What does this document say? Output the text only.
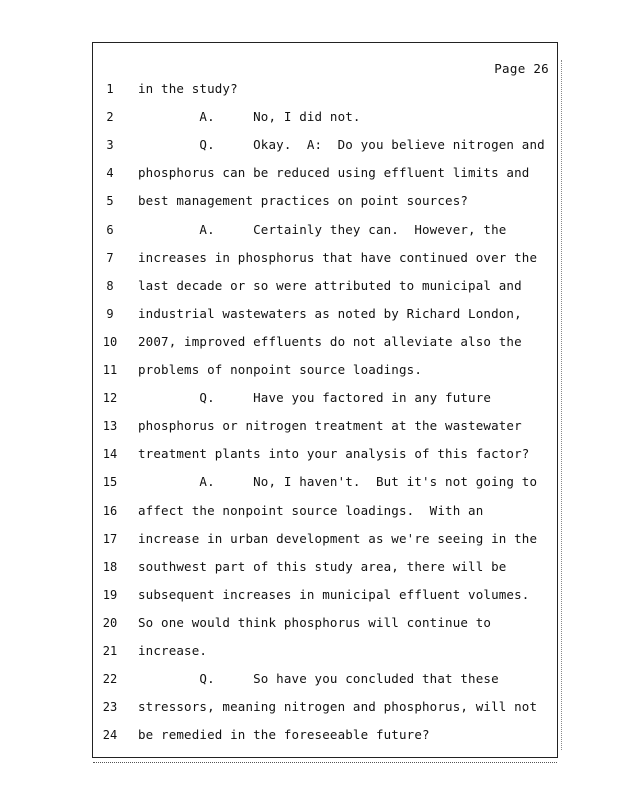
Page 26
1	in the study?
2	A.     No, I did not.
3	Q.     Okay.  A:  Do you believe nitrogen and
4	phosphorus can be reduced using effluent limits and
5	best management practices on point sources?
6	A.     Certainly they can.  However, the
7	increases in phosphorus that have continued over the
8	last decade or so were attributed to municipal and
9	industrial wastewaters as noted by Richard London,
10	2007, improved effluents do not alleviate also the
11	problems of nonpoint source loadings.
12	Q.     Have you factored in any future
13	phosphorus or nitrogen treatment at the wastewater
14	treatment plants into your analysis of this factor?
15	A.     No, I haven't.  But it's not going to
16	affect the nonpoint source loadings.  With an
17	increase in urban development as we're seeing in the
18	southwest part of this study area, there will be
19	subsequent increases in municipal effluent volumes.
20	So one would think phosphorus will continue to
21	increase.
22	Q.     So have you concluded that these
23	stressors, meaning nitrogen and phosphorus, will not
24	be remedied in the foreseeable future?
